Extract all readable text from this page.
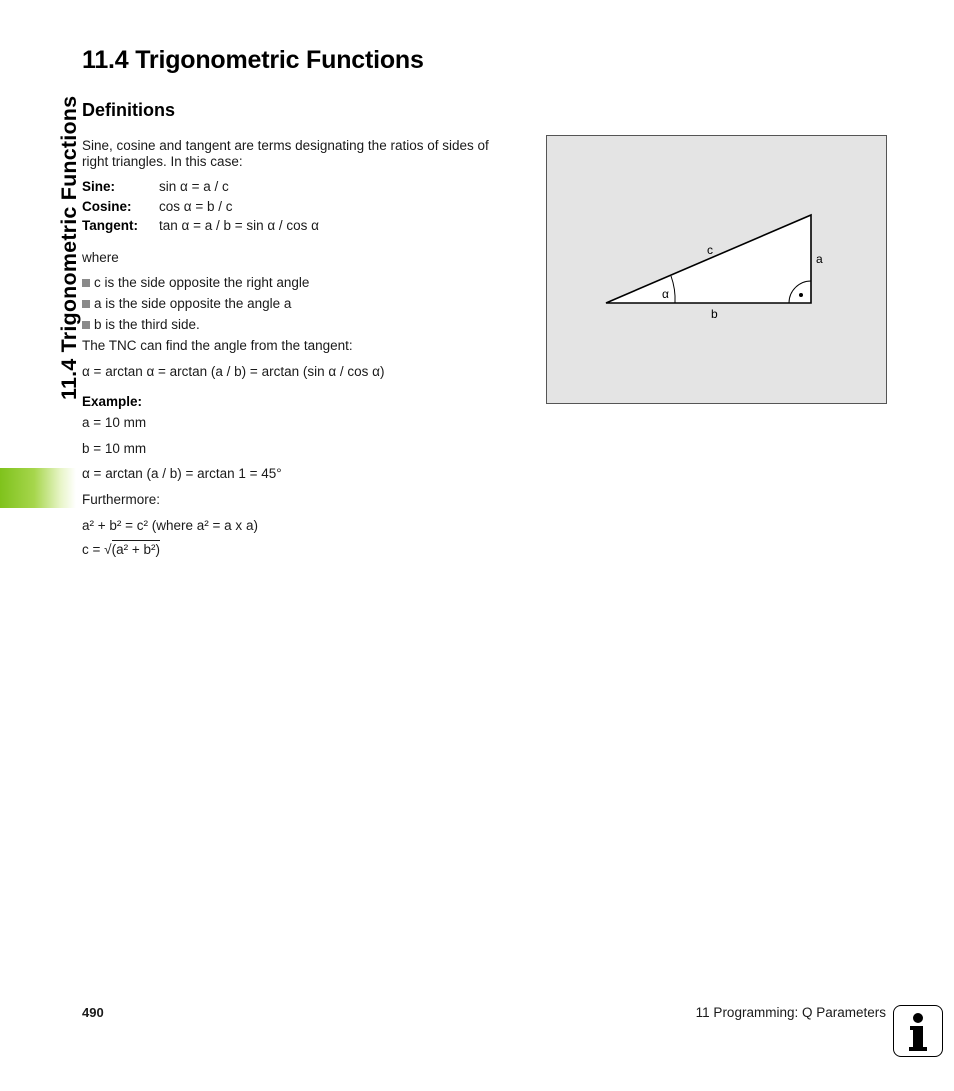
11.4 Trigonometric Functions
11.4 Trigonometric Functions
Definitions
Sine, cosine and tangent are terms designating the ratios of sides of
right triangles. In this case:
Sine:	sin α = a / c
Cosine: cos α = b / c
Tangent: tan α = a / b = sin α / cos α
where
c is the side opposite the right angle
a is the side opposite the angle a
b is the third side.
The TNC can find the angle from the tangent:
α = arctan α = arctan (a / b) = arctan (sin α / cos α)
Example:
a = 10 mm
b = 10 mm
α = arctan (a / b) = arctan 1 = 45°
Furthermore:
a² + b² = c² (where a² = a x a)
c = √(a² + b²)
c
a
b
α
490	11 Programming: Q Parameters
